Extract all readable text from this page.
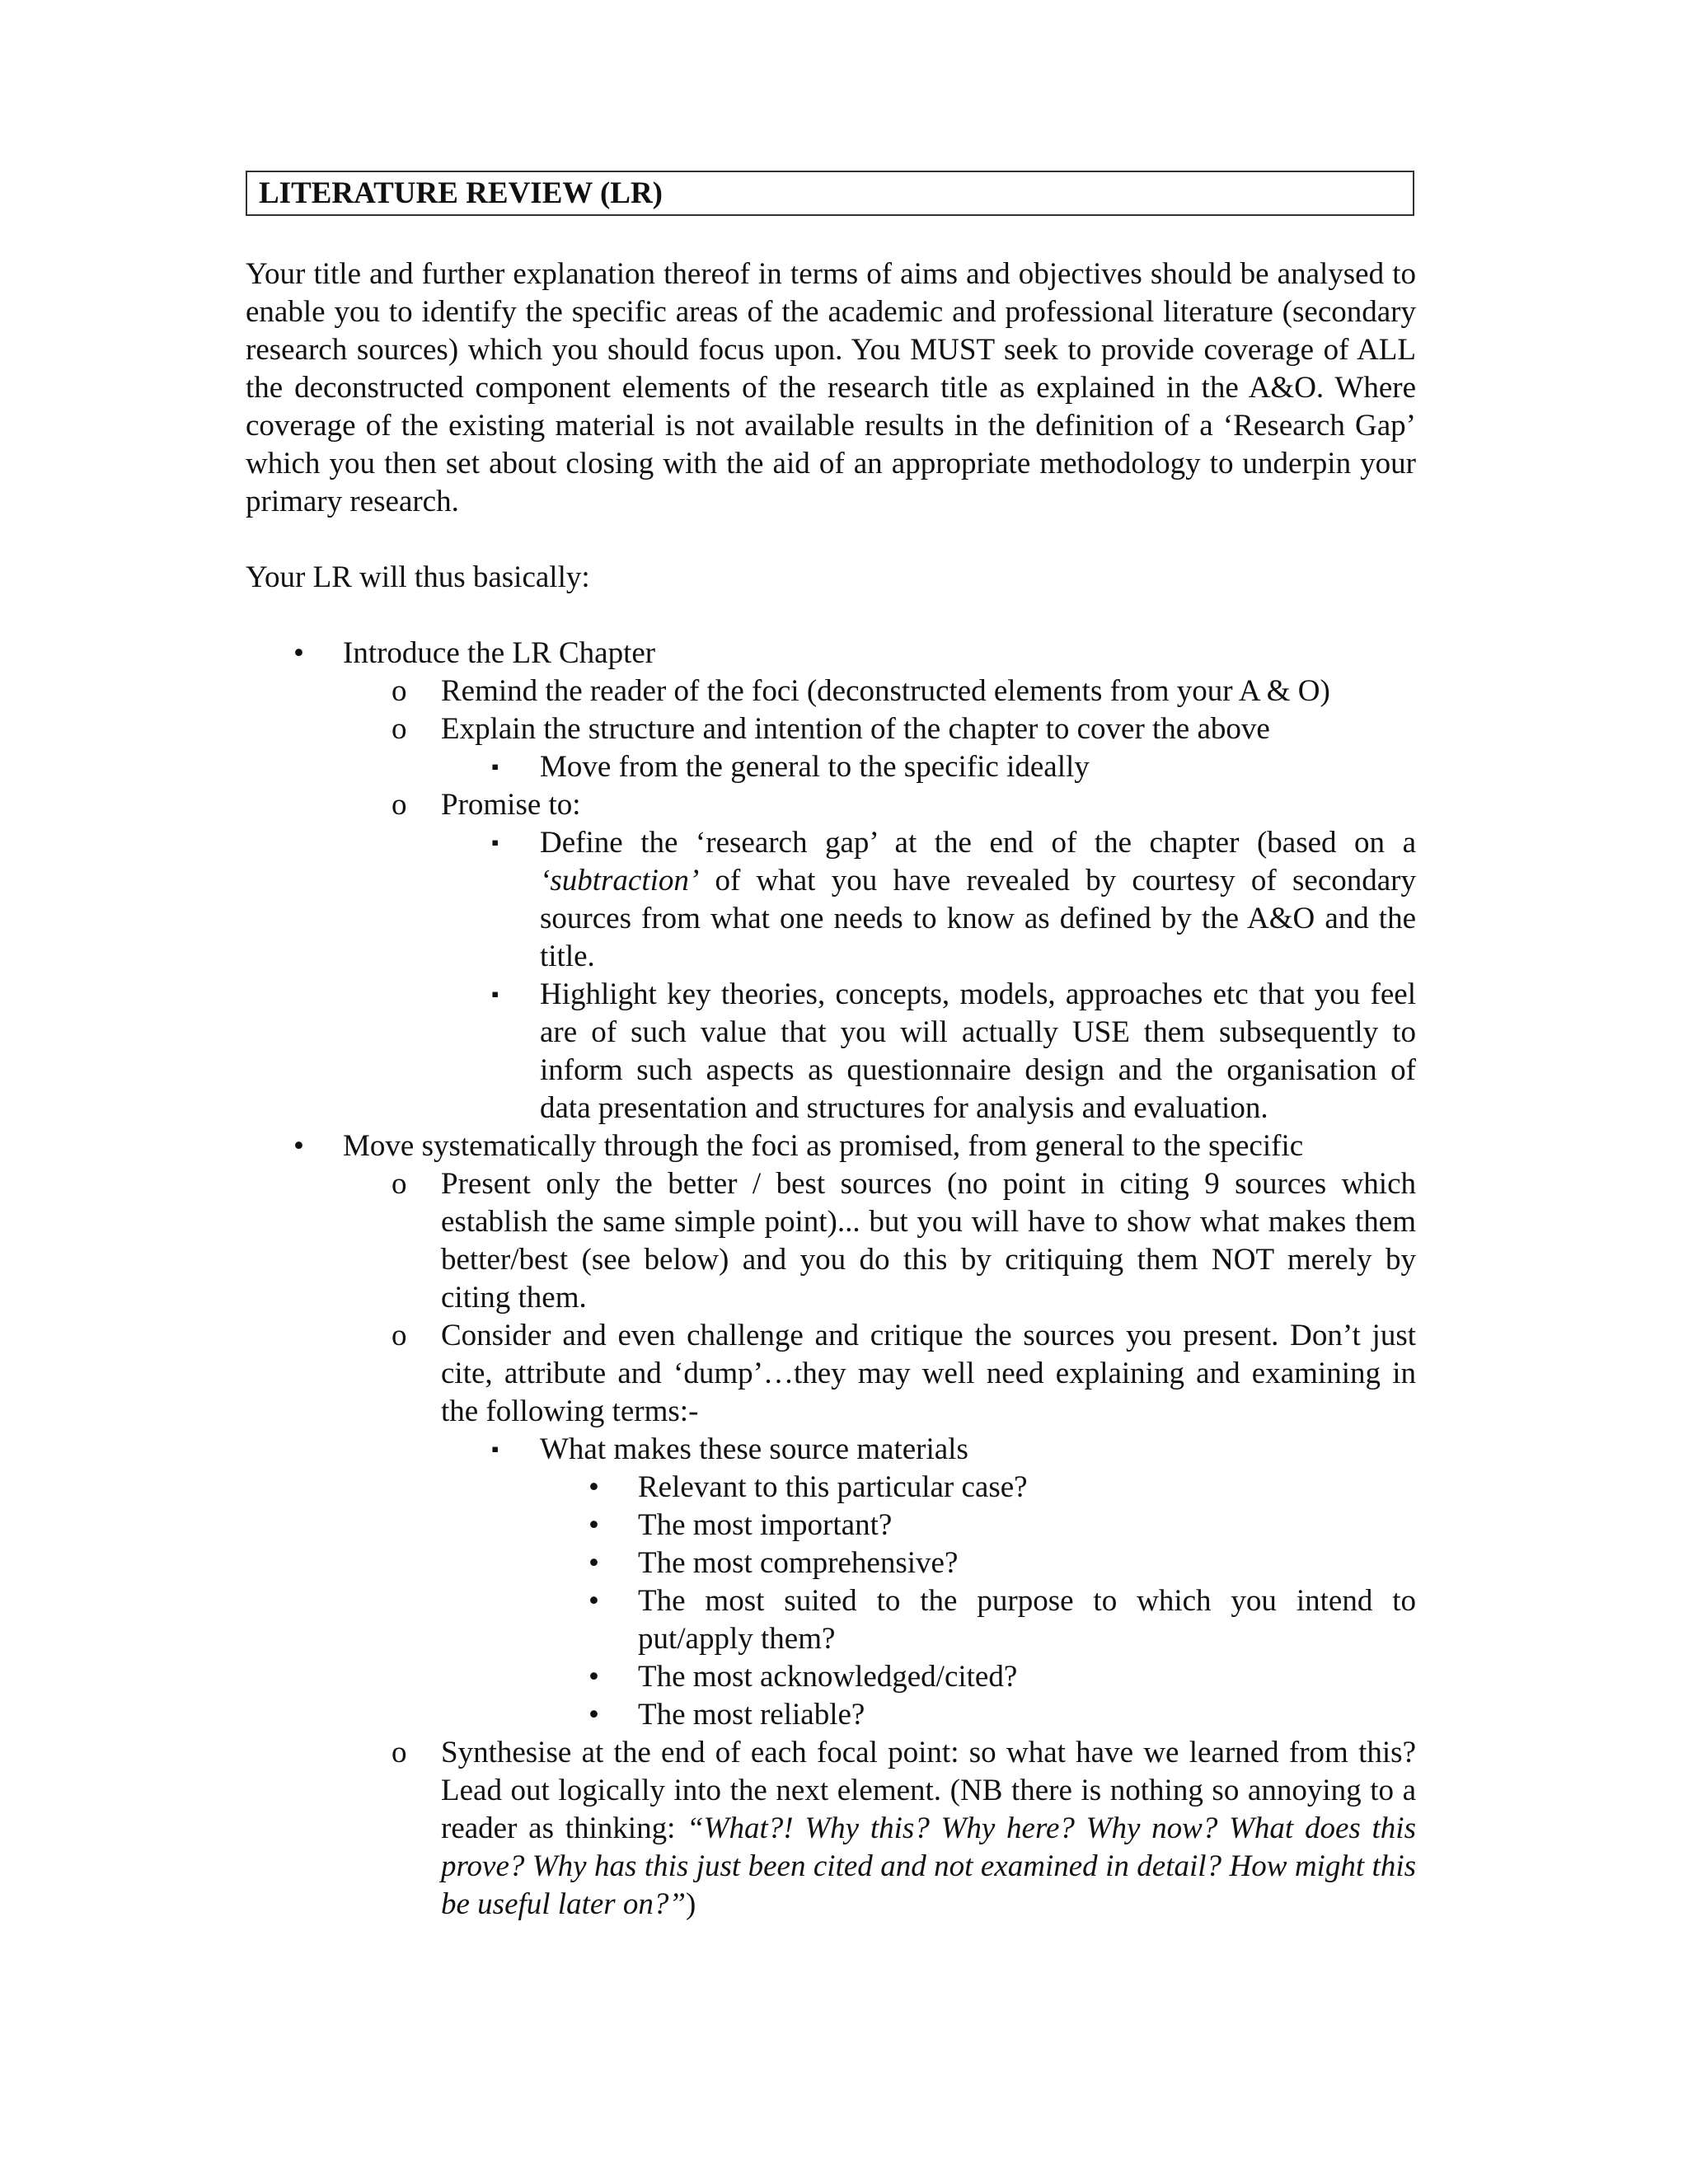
LITERATURE REVIEW (LR)

Your title and further explanation thereof in terms of aims and objectives should be analysed to enable you to identify the specific areas of the academic and professional literature (secondary research sources) which you should focus upon. You MUST seek to provide coverage of ALL the deconstructed component elements of the research title as explained in the A&O. Where coverage of the existing material is not available results in the definition of a ‘Research Gap’ which you then set about closing with the aid of an appropriate methodology to underpin your primary research.

Your LR will thus basically:

• Introduce the LR Chapter
o Remind the reader of the foci (deconstructed elements from your A & O)
o Explain the structure and intention of the chapter to cover the above
▪ Move from the general to the specific ideally
o Promise to:
▪ Define the ‘research gap’ at the end of the chapter (based on a ‘subtraction’ of what you have revealed by courtesy of secondary sources from what one needs to know as defined by the A&O and the title.
▪ Highlight key theories, concepts, models, approaches etc that you feel are of such value that you will actually USE them subsequently to inform such aspects as questionnaire design and the organisation of data presentation and structures for analysis and evaluation.
• Move systematically through the foci as promised, from general to the specific
o Present only the better / best sources (no point in citing 9 sources which establish the same simple point)... but you will have to show what makes them better/best (see below) and you do this by critiquing them NOT merely by citing them.
o Consider and even challenge and critique the sources you present. Don’t just cite, attribute and ‘dump’…they may well need explaining and examining in the following terms:-
▪ What makes these source materials
• Relevant to this particular case?
• The most important?
• The most comprehensive?
• The most suited to the purpose to which you intend to put/apply them?
• The most acknowledged/cited?
• The most reliable?
o Synthesise at the end of each focal point: so what have we learned from this? Lead out logically into the next element. (NB there is nothing so annoying to a reader as thinking: “What?! Why this? Why here? Why now? What does this prove? Why has this just been cited and not examined in detail? How might this be useful later on?”)
